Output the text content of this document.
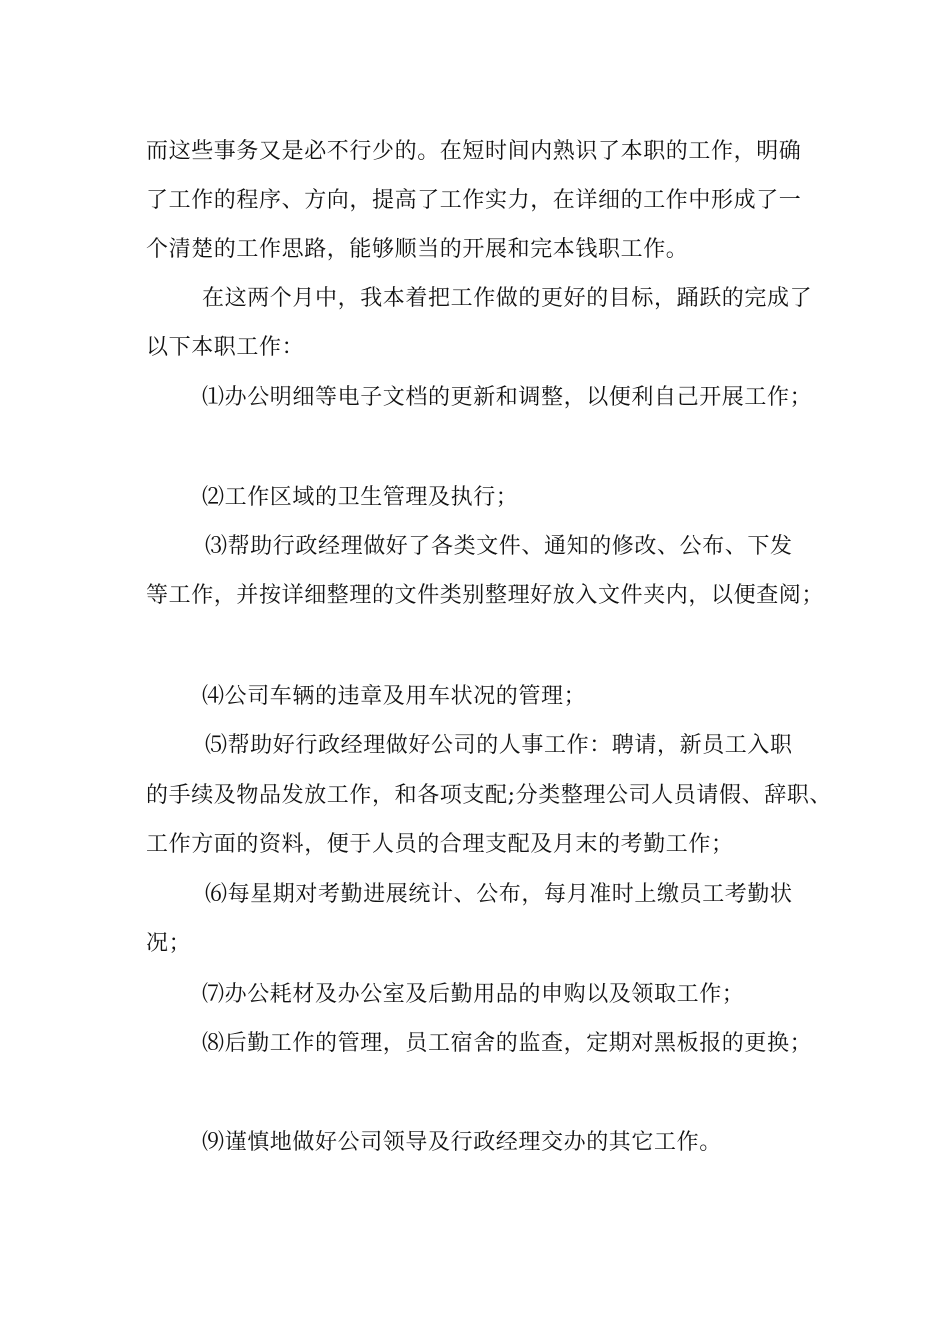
而这些事务又是必不行少的。在短时间内熟识了本职的工作，明确
了工作的程序、方向，提高了工作实力，在详细的工作中形成了一
个清楚的工作思路，能够顺当的开展和完本钱职工作。
在这两个月中，我本着把工作做的更好的目标，踊跃的完成了
以下本职工作：
⑴办公明细等电子文档的更新和调整，以便利自己开展工作；
⑵工作区域的卫生管理及执行；
⑶帮助行政经理做好了各类文件、通知的修改、公布、下发
等工作，并按详细整理的文件类别整理好放入文件夹内，以便查阅；
⑷公司车辆的违章及用车状况的管理；
⑸帮助好行政经理做好公司的人事工作：聘请，新员工入职
的手续及物品发放工作，和各项支配;分类整理公司人员请假、辞职、
工作方面的资料，便于人员的合理支配及月末的考勤工作；
⑹每星期对考勤进展统计、公布，每月准时上缴员工考勤状
况；
⑺办公耗材及办公室及后勤用品的申购以及领取工作；
⑻后勤工作的管理，员工宿舍的监查，定期对黑板报的更换；
⑼谨慎地做好公司领导及行政经理交办的其它工作。
